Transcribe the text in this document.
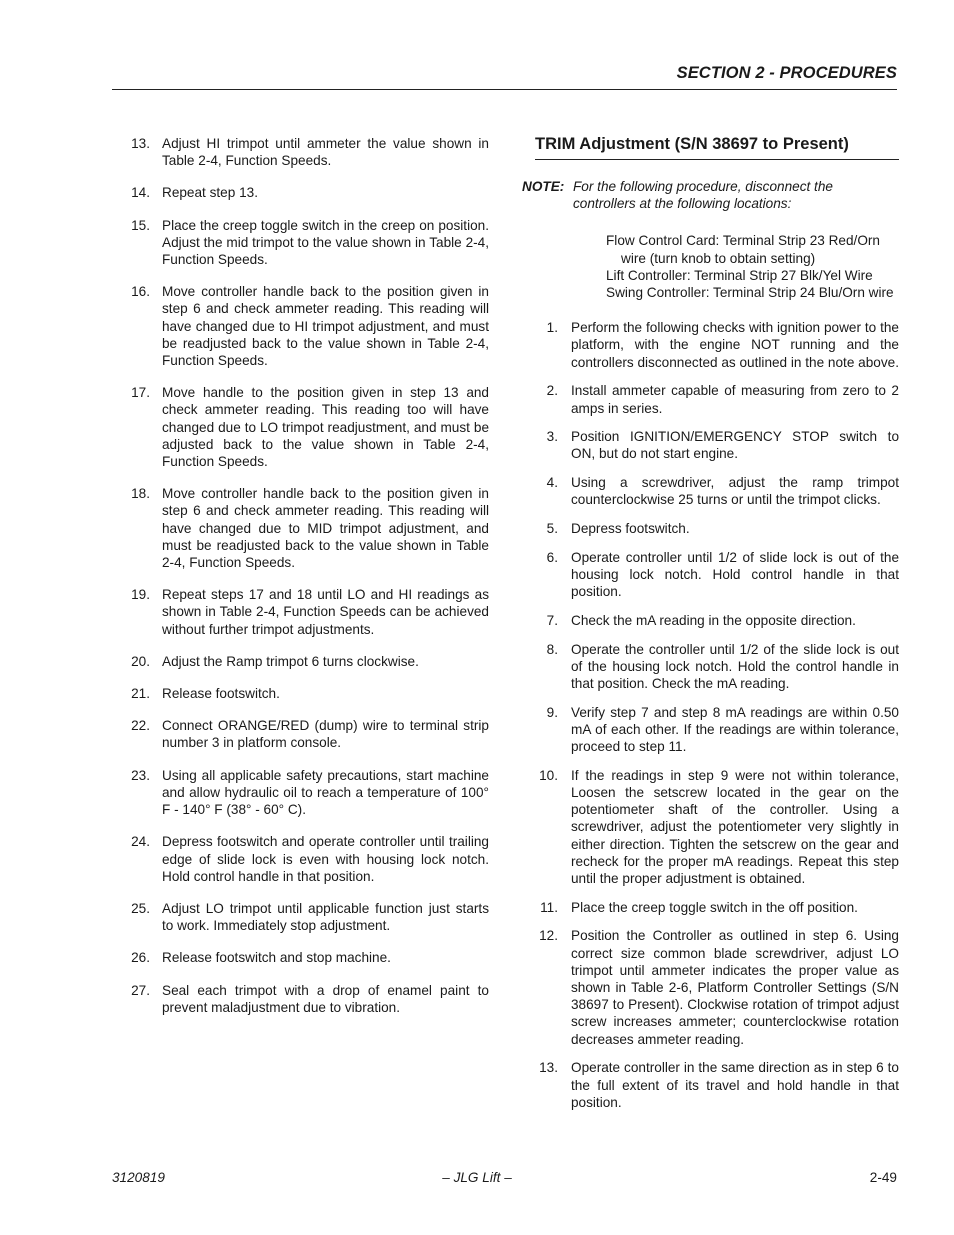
SECTION 2 - PROCEDURES
13. Adjust HI trimpot until ammeter the value shown in Table 2-4, Function Speeds.
14. Repeat step 13.
15. Place the creep toggle switch in the creep on position. Adjust the mid trimpot to the value shown in Table 2-4, Function Speeds.
16. Move controller handle back to the position given in step 6 and check ammeter reading. This reading will have changed due to HI trimpot adjustment, and must be readjusted back to the value shown in Table 2-4, Function Speeds.
17. Move handle to the position given in step 13 and check ammeter reading. This reading too will have changed due to LO trimpot readjustment, and must be adjusted back to the value shown in Table 2-4, Function Speeds.
18. Move controller handle back to the position given in step 6 and check ammeter reading. This reading will have changed due to MID trimpot adjustment, and must be readjusted back to the value shown in Table 2-4, Function Speeds.
19. Repeat steps 17 and 18 until LO and HI readings as shown in Table 2-4, Function Speeds can be achieved without further trimpot adjustments.
20. Adjust the Ramp trimpot 6 turns clockwise.
21. Release footswitch.
22. Connect ORANGE/RED (dump) wire to terminal strip number 3 in platform console.
23. Using all applicable safety precautions, start machine and allow hydraulic oil to reach a temperature of 100° F - 140° F (38° - 60° C).
24. Depress footswitch and operate controller until trailing edge of slide lock is even with housing lock notch. Hold control handle in that position.
25. Adjust LO trimpot until applicable function just starts to work. Immediately stop adjustment.
26. Release footswitch and stop machine.
27. Seal each trimpot with a drop of enamel paint to prevent maladjustment due to vibration.
TRIM Adjustment (S/N 38697 to Present)
NOTE: For the following procedure, disconnect the controllers at the following locations:
Flow Control Card: Terminal Strip 23 Red/Orn wire (turn knob to obtain setting)
Lift Controller: Terminal Strip 27 Blk/Yel Wire
Swing Controller: Terminal Strip 24 Blu/Orn wire
1. Perform the following checks with ignition power to the platform, with the engine NOT running and the controllers disconnected as outlined in the note above.
2. Install ammeter capable of measuring from zero to 2 amps in series.
3. Position IGNITION/EMERGENCY STOP switch to ON, but do not start engine.
4. Using a screwdriver, adjust the ramp trimpot counterclockwise 25 turns or until the trimpot clicks.
5. Depress footswitch.
6. Operate controller until 1/2 of slide lock is out of the housing lock notch. Hold control handle in that position.
7. Check the mA reading in the opposite direction.
8. Operate the controller until 1/2 of the slide lock is out of the housing lock notch. Hold the control handle in that position. Check the mA reading.
9. Verify step 7 and step 8 mA readings are within 0.50 mA of each other. If the readings are within tolerance, proceed to step 11.
10. If the readings in step 9 were not within tolerance, Loosen the setscrew located in the gear on the potentiometer shaft of the controller. Using a screwdriver, adjust the potentiometer very slightly in either direction. Tighten the setscrew on the gear and recheck for the proper mA readings. Repeat this step until the proper adjustment is obtained.
11. Place the creep toggle switch in the off position.
12. Position the Controller as outlined in step 6. Using correct size common blade screwdriver, adjust LO trimpot until ammeter indicates the proper value as shown in Table 2-6, Platform Controller Settings (S/N 38697 to Present). Clockwise rotation of trimpot adjust screw increases ammeter; counterclockwise rotation decreases ammeter reading.
13. Operate controller in the same direction as in step 6 to the full extent of its travel and hold handle in that position.
3120819	– JLG Lift –	2-49
